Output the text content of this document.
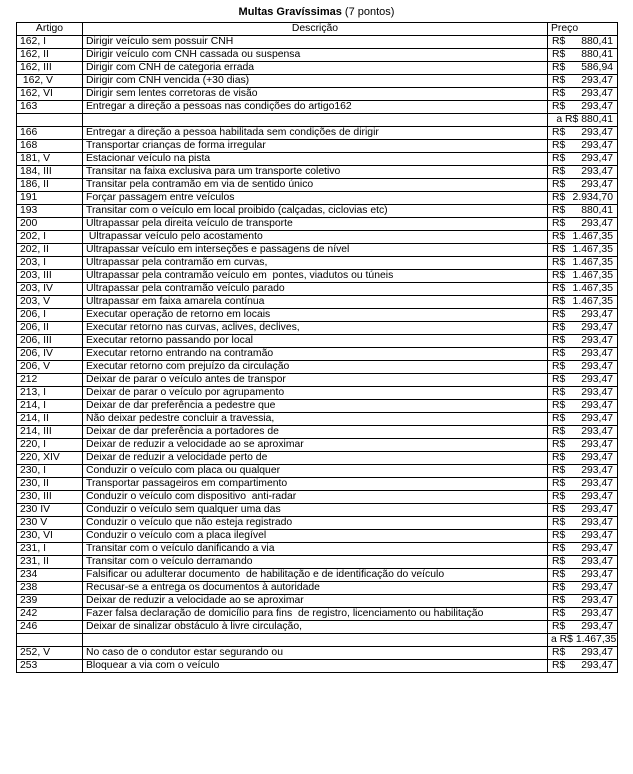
Multas Gravíssimas (7 pontos)
Artigo	Descrição	Preço
162, I	Dirigir veículo sem possuir CNH	R$ 880,41

162, II	Dirigir veículo com CNH cassada ou suspensa	R$ 880,41

162, III	Dirigir com CNH de categoria errada	R$ 586,94

162, V	Dirigir com CNH vencida (+30 dias)	R$ 293,47

162, VI	Dirigir sem lentes corretoras de visão	R$ 293,47

163	Entregar a direção a pessoas nas condições do artigo162	R$ 293,47

		a R$ 880,41
166	Entregar a direção a pessoa habilitada sem condições de dirigir	R$ 293,47

168	Transportar crianças de forma irregular	R$ 293,47

181, V	Estacionar veículo na pista	R$ 293,47

184, III	Transitar na faixa exclusiva para um transporte coletivo	R$ 293,47

186, II	Transitar pela contramão em via de sentido único	R$ 293,47

191	Forçar passagem entre veículos	R$ 2.934,70

193	Transitar com o veículo em local proibido (calçadas, ciclovias etc)	R$ 880,41

200	Ultrapassar pela direita veículo de transporte	R$ 293,47

202, I	Ultrapassar veículo pelo acostamento	R$ 1.467,35

202, II	Ultrapassar veículo em interseções e passagens de nível	R$ 1.467,35

203, I	Ultrapassar pela contramão em curvas,	R$ 1.467,35

203, III	Ultrapassar pela contramão veículo em  pontes, viadutos ou túneis	R$ 1.467,35

203, IV	Ultrapassar pela contramão veículo parado	R$ 1.467,35

203, V	Ultrapassar em faixa amarela contínua	R$ 1.467,35

206, I	Executar operação de retorno em locais	R$ 293,47

206, II	Executar retorno nas curvas, aclives, declives,	R$ 293,47

206, III	Executar retorno passando por local	R$ 293,47

206, IV	Executar retorno entrando na contramão	R$ 293,47

206, V	Executar retorno com prejuízo da circulação	R$ 293,47

212	Deixar de parar o veículo antes de transpor	R$ 293,47

213, I	Deixar de parar o veículo por agrupamento	R$ 293,47

214, I	Deixar de dar preferência a pedestre que	R$ 293,47

214, II	Não deixar pedestre concluir a travessia,	R$ 293,47

214, III	Deixar de dar preferência a portadores de	R$ 293,47

220, I	Deixar de reduzir a velocidade ao se aproximar	R$ 293,47

220, XIV	Deixar de reduzir a velocidade perto de	R$ 293,47

230, I	Conduzir o veículo com placa ou qualquer	R$ 293,47

230, II	Transportar passageiros em compartimento	R$ 293,47

230, III	Conduzir o veículo com dispositivo  anti-radar	R$ 293,47

230 IV	Conduzir o veículo sem qualquer uma das	R$ 293,47

230 V	Conduzir o veículo que não esteja registrado	R$ 293,47

230, VI	Conduzir o veículo com a placa ilegível	R$ 293,47

231, I	Transitar com o veículo danificando a via	R$ 293,47

231, II	Transitar com o veículo derramando	R$ 293,47

234	Falsificar ou adulterar documento  de habilitação e de identificação do veículo	R$ 293,47

238	Recusar-se a entrega os documentos à autoridade	R$ 293,47

239	Deixar de reduzir a velocidade ao se aproximar	R$ 293,47

242	Fazer falsa declaração de domicílio para fins  de registro, licenciamento ou habilitação	R$ 293,47

246	Deixar de sinalizar obstáculo à livre circulação,	R$ 293,47

		a R$ 1.467,35
252, V	No caso de o condutor estar segurando ou	R$ 293,47

253	Bloquear a via com o veículo	R$ 293,47
